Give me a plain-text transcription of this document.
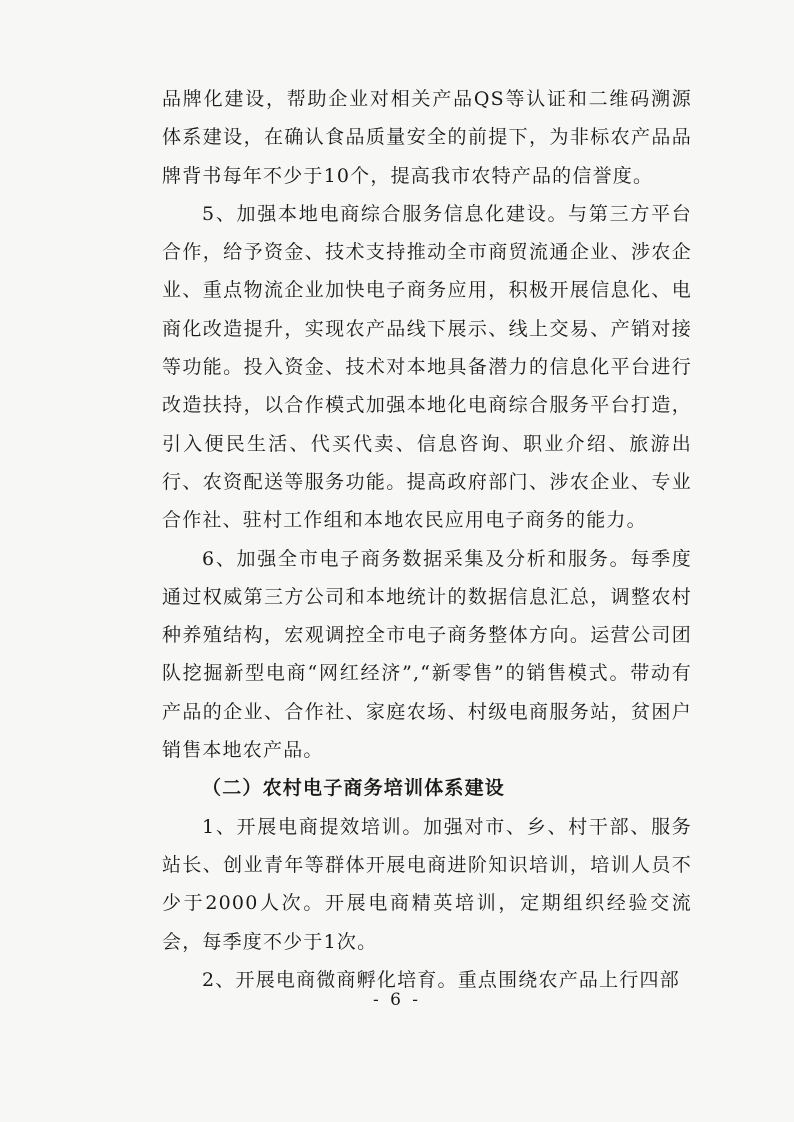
品牌化建设，帮助企业对相关产品QS等认证和二维码溯源体系建设，在确认食品质量安全的前提下，为非标农产品品牌背书每年不少于10个，提高我市农特产品的信誉度。

5、加强本地电商综合服务信息化建设。与第三方平台合作，给予资金、技术支持推动全市商贸流通企业、涉农企业、重点物流企业加快电子商务应用，积极开展信息化、电商化改造提升，实现农产品线下展示、线上交易、产销对接等功能。投入资金、技术对本地具备潜力的信息化平台进行改造扶持，以合作模式加强本地化电商综合服务平台打造，引入便民生活、代买代卖、信息咨询、职业介绍、旅游出行、农资配送等服务功能。提高政府部门、涉农企业、专业合作社、驻村工作组和本地农民应用电子商务的能力。

6、加强全市电子商务数据采集及分析和服务。每季度通过权威第三方公司和本地统计的数据信息汇总，调整农村种养殖结构，宏观调控全市电子商务整体方向。运营公司团队挖掘新型电商“网红经济”,“新零售”的销售模式。带动有产品的企业、合作社、家庭农场、村级电商服务站，贫困户销售本地农产品。

（二）农村电子商务培训体系建设

1、开展电商提效培训。加强对市、乡、村干部、服务站长、创业青年等群体开展电商进阶知识培训，培训人员不少于2000人次。开展电商精英培训，定期组织经验交流会，每季度不少于1次。

2、开展电商微商孵化培育。重点围绕农产品上行四部

- 6 -
